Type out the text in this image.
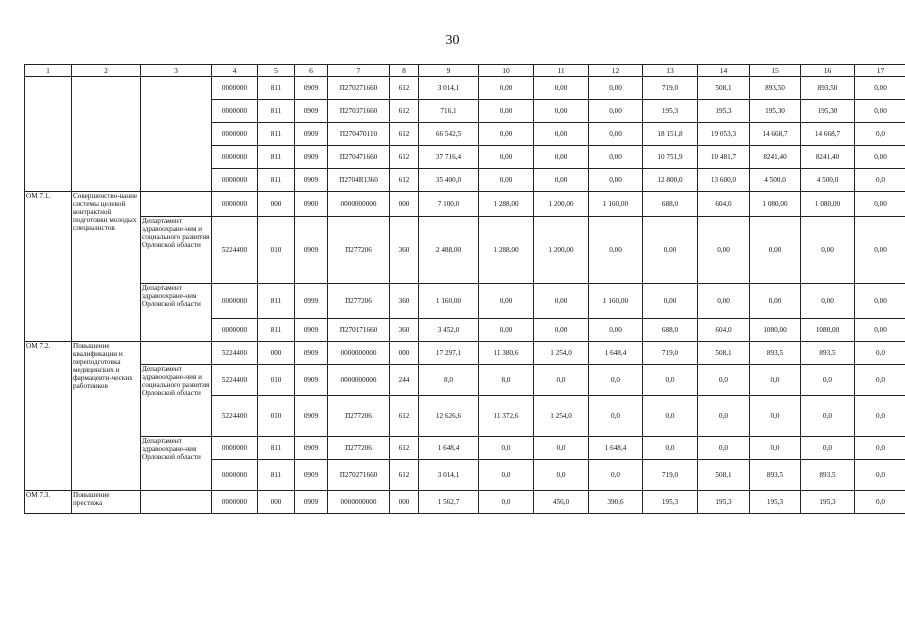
30
1	2	3	4	5	6	7	8	9	10	11	12	13	14	15	16	17
			0000000	811	0909	П270271660	612	3 014,1	0,00	0,00	0,00	719,0	508,1	893,50	893,50	0,00
			0000000	811	0909	П270371660	612	716,1	0,00	0,00	0,00	195,3	195,3	195,30	195,30	0,00
			0000000	811	0909	П270470110	612	66 542,5	0,00	0,00	0,00	18 151,8	19 053,3	14 668,7	14 668,7	0,0
			0000000	811	0909	П270471660	612	37 716,4	0,00	0,00	0,00	10 751,9	10 481,7	8241,40	8241,40	0,00
			0000000	811	0909	П2704R1360	612	35 400,0	0,00	0,00	0,00	12 800,0	13 600,0	4 500,0	4 500,0	0,0
ОМ 7.1.	Совершенство-вание системы целевой контрактной подготовки молодых специалистов		0000000	000	0900	0000000000	000	7 100,0	1 288,00	1 200,00	1 160,00	688,0	604,0	1 080,00	1 080,00	0,00
		Департамент здравоохране-ния и социального развития Орловской области	5224400	010	0909	П277206	360	2 488,00	1 288,00	1 200,00	0,00	0,00	0,00	0,00	0,00	0,00
		Департамент здравоохране-ния Орловской области	0000000	811	0999	П277206	360	1 160,00	0,00	0,00	1 160,00	0,00	0,00	0,00	0,00	0,00
			0000000	811	0909	П270171660	360	3 452,0	0,00	0,00	0,00	688,0	604,0	1080,00	1080,00	0,00
ОМ 7.2.	Повышение квалификации и переподготовка медицинских и фармацевти-ческих работников		5224400	000	0909	0000000000	000	17 297,1	11 380,6	1 254,0	1 648,4	719,0	508,1	893,5	893,5	0,0
		Департамент здравоохране-ния и социального развития Орловской области	5224400	010	0909	0000000000	244	8,0	8,0	0,0	0,0	0,0	0,0	0,0	0,0	0,0
			5224400	010	0909	П277206	612	12 626,6	11 372,6	1 254,0	0,0	0,0	0,0	0,0	0,0	0,0
		Департамент здравоохране-ния Орловской области	0000000	811	0909	П277206	612	1 648,4	0,0	0,0	1 648,4	0,0	0,0	0,0	0,0	0,0
			0000000	811	0909	П270271660	612	3 014,1	0,0	0,0	0,0	719,0	508,1	893,5	893,5	0,0
ОМ 7.3.	Повышение престижа		0000000	000	0909	0000000000	000	1 562,7	0,0	456,0	390,6	195,3	195,3	195,3	195,3	0,0
